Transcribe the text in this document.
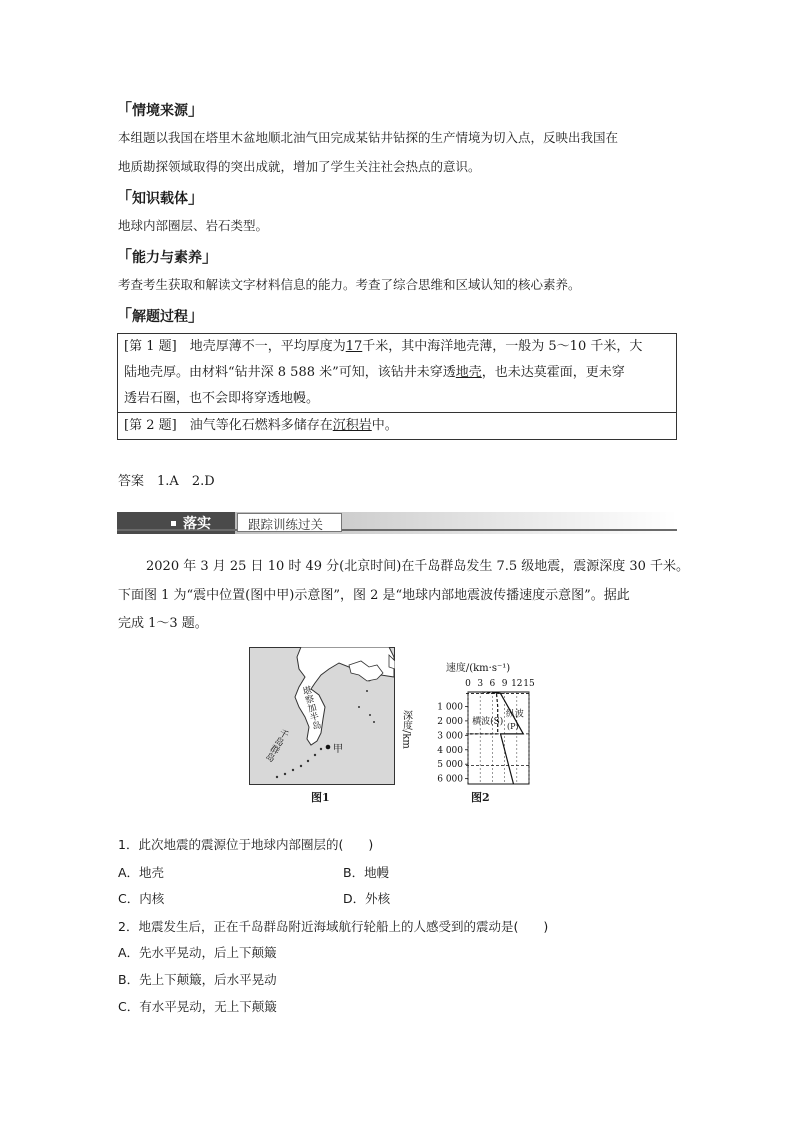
「情境来源」
本组题以我国在塔里木盆地顺北油气田完成某钻井钻探的生产情境为切入点，反映出我国在
地质勘探领域取得的突出成就，增加了学生关注社会热点的意识。
「知识载体」
地球内部圈层、岩石类型。
「能力与素养」
考查考生获取和解读文字材料信息的能力。考查了综合思维和区域认知的核心素养。
「解题过程」
[第 1 题]　 地壳厚薄不一，平均厚度为17千米，其中海洋地壳薄，一般为 5～10 千米，大
陆地壳厚。由材料“钻井深 8 588 米”可知，该钻井未穿透地壳，也未达莫霍面，更未穿
透岩石圈，也不会即将穿透地幔。
[第 2 题]　 油气等化石燃料多储存在沉积岩中。
答案　 1.A　2.D
落实	跟踪训练过关
2020 年 3 月 25 日 10 时 49 分(北京时间)在千岛群岛发生 7.5 级地震，震源深度 30 千米。
下面图 1 为“震中位置(图中甲)示意图”，图 2 是“地球内部地震波传播速度示意图”。据此
完成 1～3 题。
甲
堪察加半岛
千岛群岛
图1
速度/(km·s⁻¹)
深度/km
0 3 6 9 12 15
1 000
2 000
3 000
4 000
5 000
6 000
横波(S)
纵波
(P)
图2
1．此次地震的震源位于地球内部圈层的(　　)
A．地壳	B．地幔
C．内核	D．外核
2．地震发生后，正在千岛群岛附近海域航行轮船上的人感受到的震动是(　　)
A．先水平晃动，后上下颠簸
B．先上下颠簸，后水平晃动
C．有水平晃动，无上下颠簸
